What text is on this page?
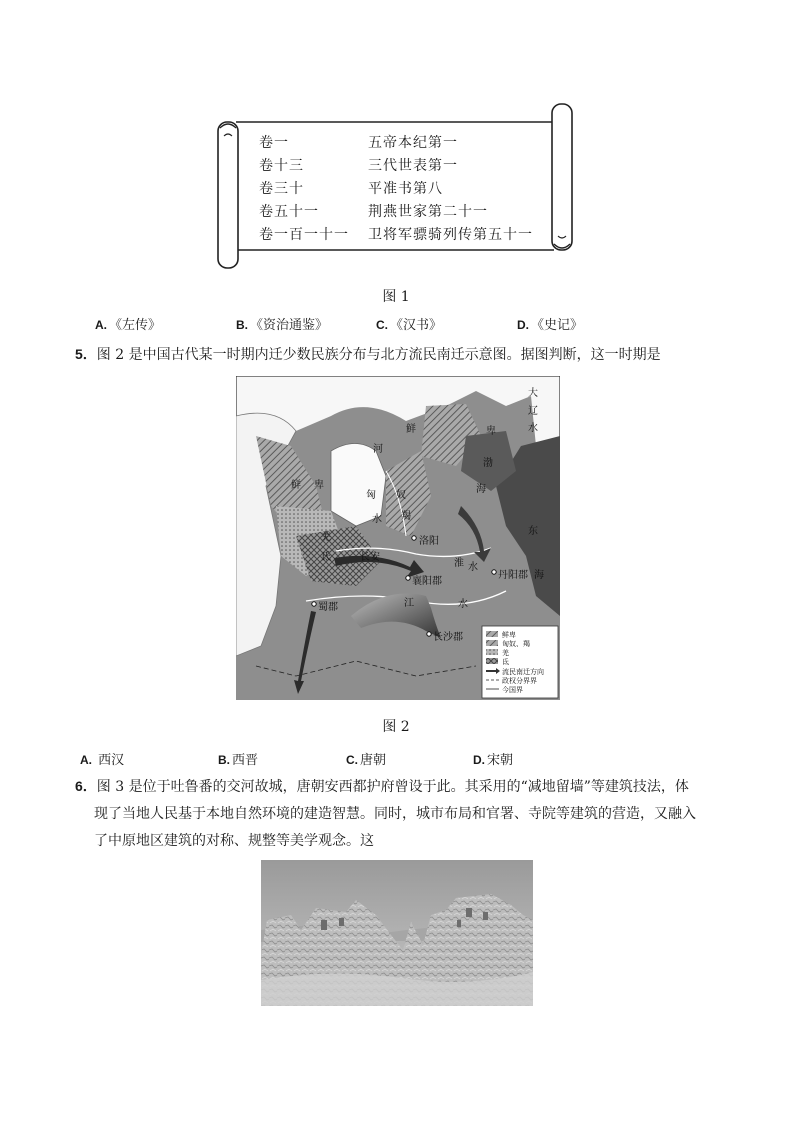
卷一	五帝本纪第一
卷十三	三代世表第一
卷三十	平准书第八
卷五十一	荆燕世家第二十一
卷一百一十一 卫将军骠骑列传第五十一
图 1
A. 《左传》	B. 《资治通鉴》	C. 《汉书》	D. 《史记》
5．图 2 是中国古代某一时期内迁少数民族分布与北方流民南迁示意图。据图判断，这一时期是
鲜
鲜 卑
河
匈
水
奴
羯
羌
氐	长安
洛阳
襄阳郡
丹阳郡
蜀郡
长沙郡
江	水
淮 水
大
辽
水
卑
渤
海
东
海
鲜卑
匈奴、羯
羌
氐
流民南迁方向
政权分界界
今国界
图 2
A. 西汉	B. 西晋	C. 唐朝	D. 宋朝
6．图 3 是位于吐鲁番的交河故城，唐朝安西都护府曾设于此。其采用的“减地留墙”等建筑技法，体
现了当地人民基于本地自然环境的建造智慧。同时，城市布局和官署、寺院等建筑的营造，又融入
了中原地区建筑的对称、规整等美学观念。这
